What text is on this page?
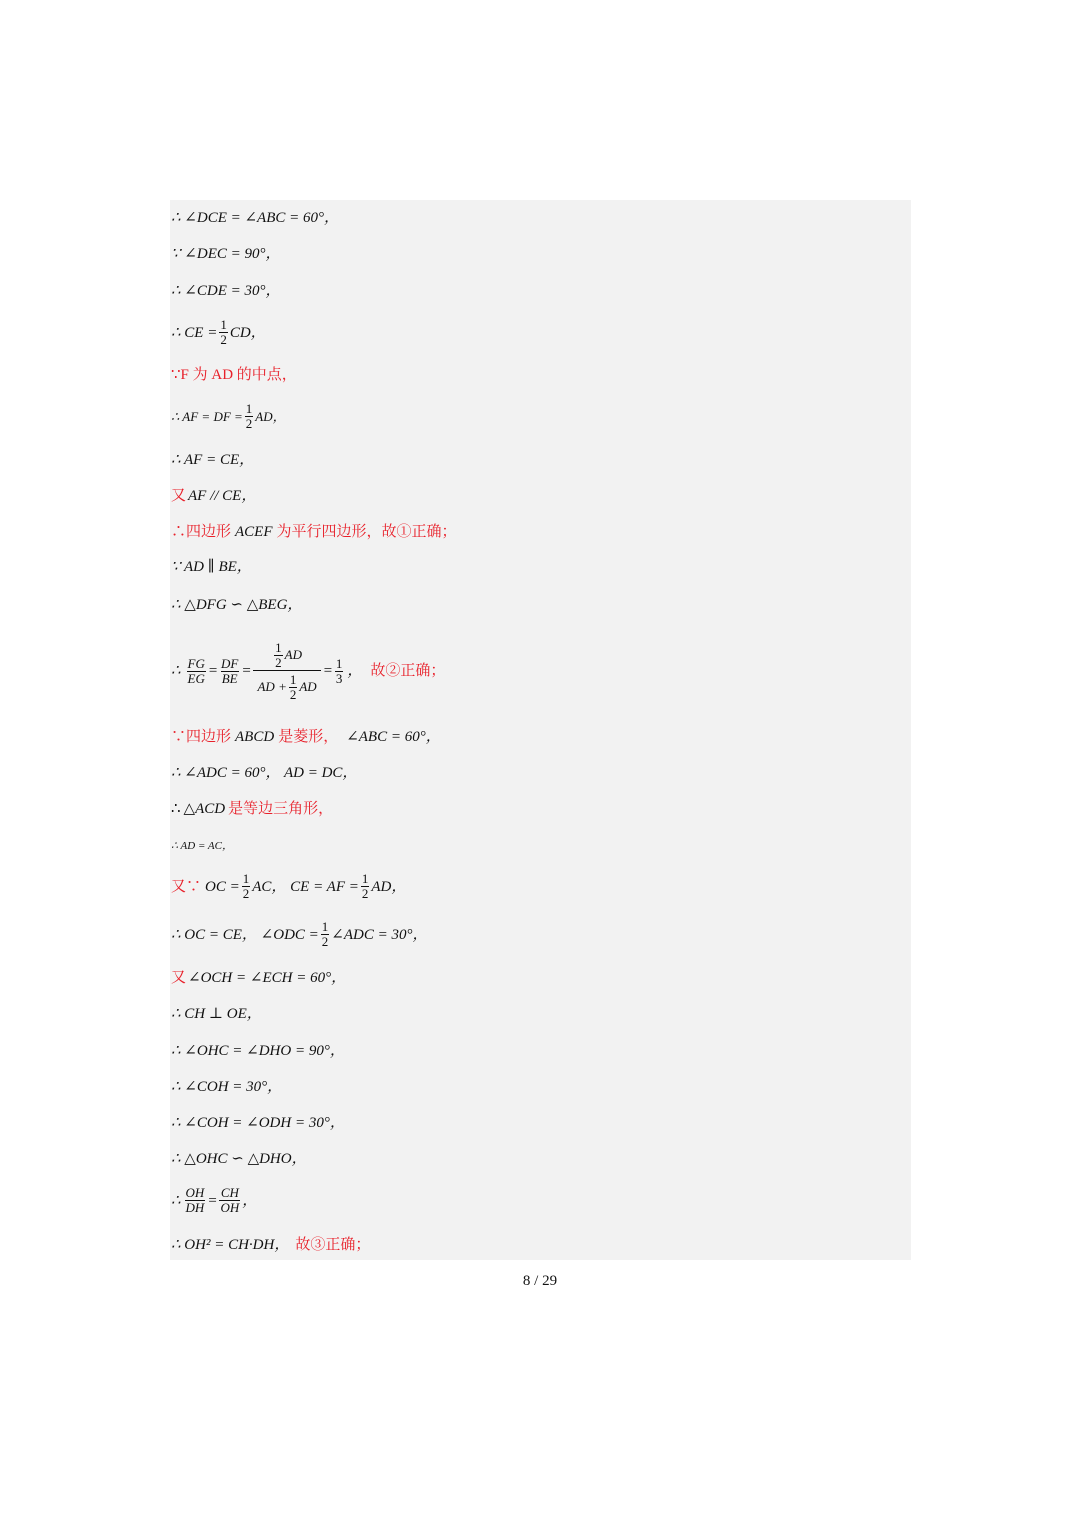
∴ ∠DCE = ∠ABC = 60°，
∵ ∠DEC = 90°，
∴ ∠CDE = 30°，
∴ CE = $\frac{1}{2}$ CD，
∵F 为 AD 的中点，
∴ AF = DF = $\frac{1}{2}$ AD，
∴ AF = CE，
又 AF // CE，
∴四边形 ACEF 为平行四边形，故①正确；
∵ AD ∥ BE，
∴ △DFG ∽ △BEG，
∴ $\frac{FG}{EG} = \frac{DF}{BE} = \frac{\frac{1}{2} AD}{AD + \frac{1}{2} AD} = \frac{1}{3}$ ， 故②正确；
∵四边形 ABCD 是菱形， ∠ABC = 60°，
∴ ∠ADC = 60°， AD = DC，
∴ △ACD 是等边三角形，
∴ AD = AC，
又∵ OC = $\frac{1}{2}$ AC， CE = AF = $\frac{1}{2}$ AD，
∴ OC = CE， ∠ODC = $\frac{1}{2}$ ∠ADC = 30°，
又 ∠OCH = ∠ECH = 60°，
∴ CH ⊥ OE，
∴ ∠OHC = ∠DHO = 90°，
∴ ∠COH = 30°，
∴ ∠COH = ∠ODH = 30°，
∴ △OHC ∽ △DHO，
∴ $\frac{OH}{DH} = \frac{CH}{OH}$ ，
∴ OH² = CH·DH， 故③正确；
8 / 29
